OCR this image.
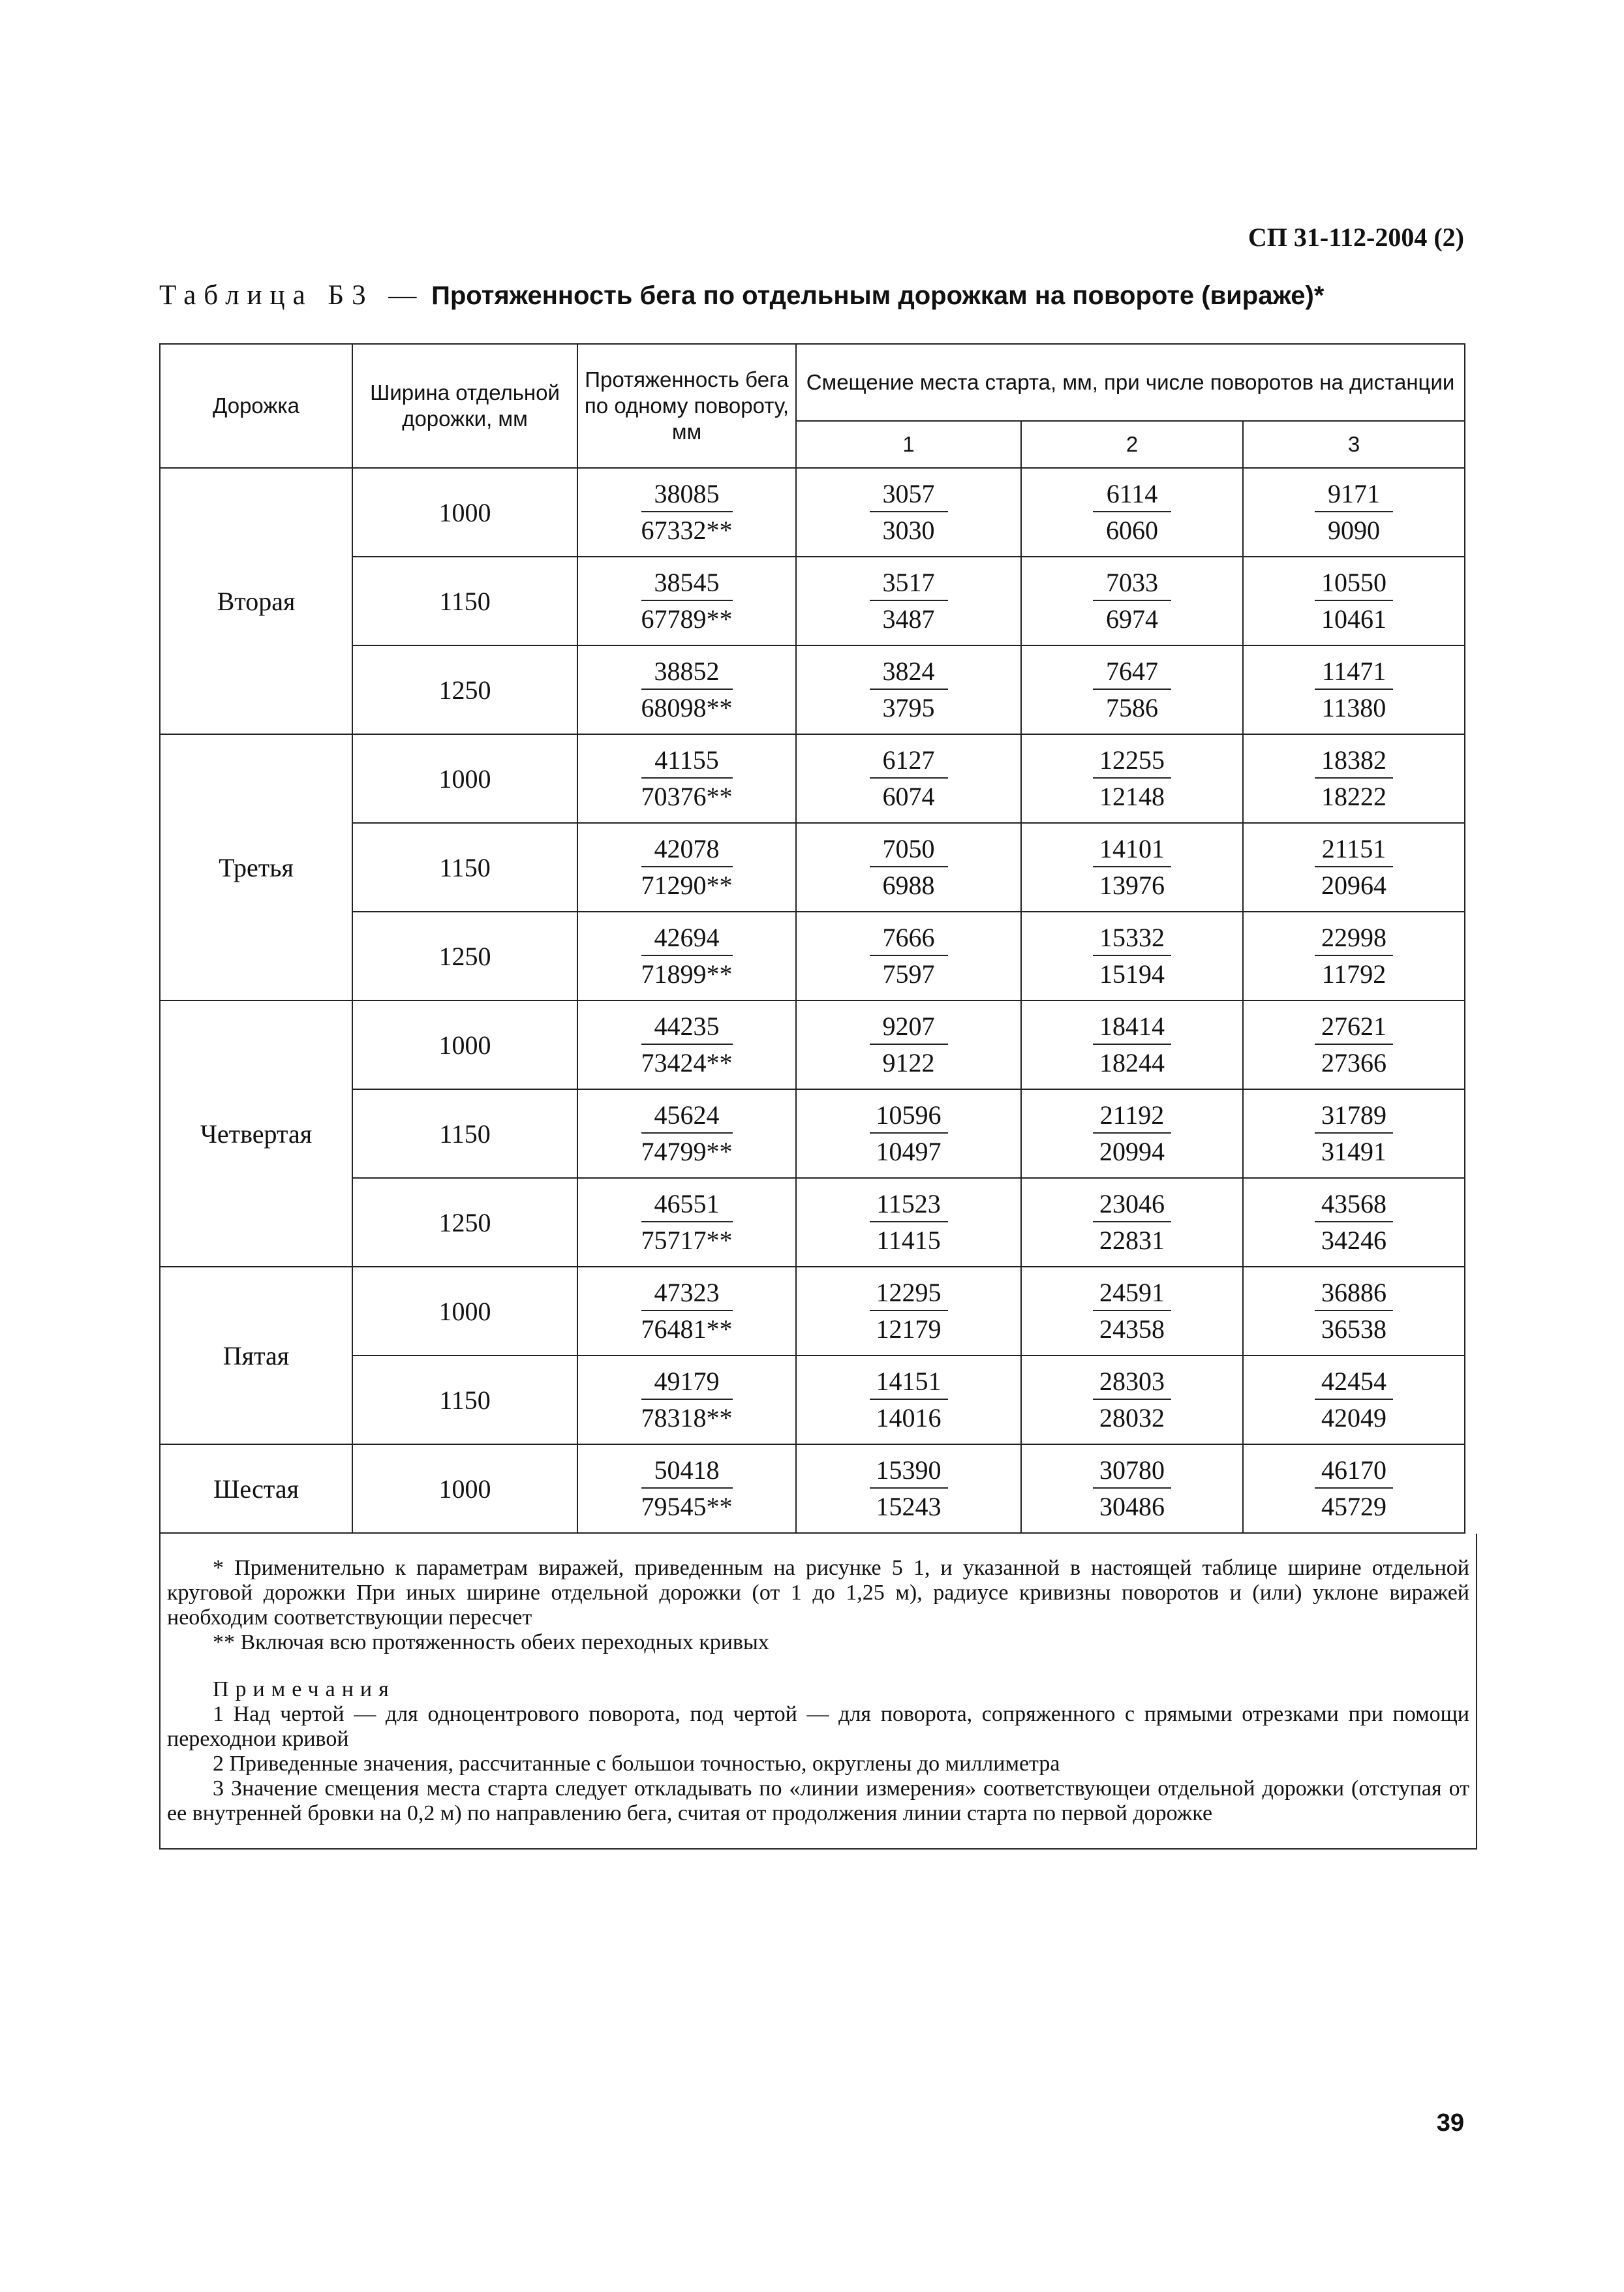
СП 31-112-2004 (2)
Таблица Б3 — Протяженность бега по отдельным дорожкам на повороте (вираже)*
Дорожка	Ширина отдельной дорожки, мм	Протяженность бега по одному повороту, мм	Смещение места старта, мм, при числе поворотов на дистанции		
			1	2	3
Вторая	1000	$\frac{38085}{67332**}$	$\frac{3057}{3030}$	$\frac{6114}{6060}$	$\frac{9171}{9090}$

	1150	$\frac{38545}{67789**}$	$\frac{3517}{3487}$	$\frac{7033}{6974}$	$\frac{10550}{10461}$

	1250	$\frac{38852}{68098**}$	$\frac{3824}{3795}$	$\frac{7647}{7586}$	$\frac{11471}{11380}$

Третья	1000	$\frac{41155}{70376**}$	$\frac{6127}{6074}$	$\frac{12255}{12148}$	$\frac{18382}{18222}$

	1150	$\frac{42078}{71290**}$	$\frac{7050}{6988}$	$\frac{14101}{13976}$	$\frac{21151}{20964}$

	1250	$\frac{42694}{71899**}$	$\frac{7666}{7597}$	$\frac{15332}{15194}$	$\frac{22998}{11792}$

Четвертая	1000	$\frac{44235}{73424**}$	$\frac{9207}{9122}$	$\frac{18414}{18244}$	$\frac{27621}{27366}$

	1150	$\frac{45624}{74799**}$	$\frac{10596}{10497}$	$\frac{21192}{20994}$	$\frac{31789}{31491}$

	1250	$\frac{46551}{75717**}$	$\frac{11523}{11415}$	$\frac{23046}{22831}$	$\frac{43568}{34246}$

Пятая	1000	$\frac{47323}{76481**}$	$\frac{12295}{12179}$	$\frac{24591}{24358}$	$\frac{36886}{36538}$

	1150	$\frac{49179}{78318**}$	$\frac{14151}{14016}$	$\frac{28303}{28032}$	$\frac{42454}{42049}$

Шестая	1000	$\frac{50418}{79545**}$	$\frac{15390}{15243}$	$\frac{30780}{30486}$	$\frac{46170}{45729}$

* Применительно к параметрам виражей, приведенным на рисунке 5 1, и указанной в настоящей таблице ширине отдельной круговой дорожки При иных ширине отдельной дорожки (от 1 до 1,25 м), радиусе кривизны поворотов и (или) уклоне виражей необходим соответствующии пересчет

** Включая всю протяженность обеих переходных кривых

Примечания

1 Над чертой — для одноцентрового поворота, под чертой — для поворота, сопряженного с прямыми отрезками при помощи переходнои кривой

2 Приведенные значения, рассчитанные с большои точностью, округлены до миллиметра

3 Значение смещения места старта следует откладывать по «линии измерения» соответствующеи отдельной дорожки (отступая от ее внутренней бровки на 0,2 м) по направлению бега, считая от продолжения линии старта по первой дорожке

39
